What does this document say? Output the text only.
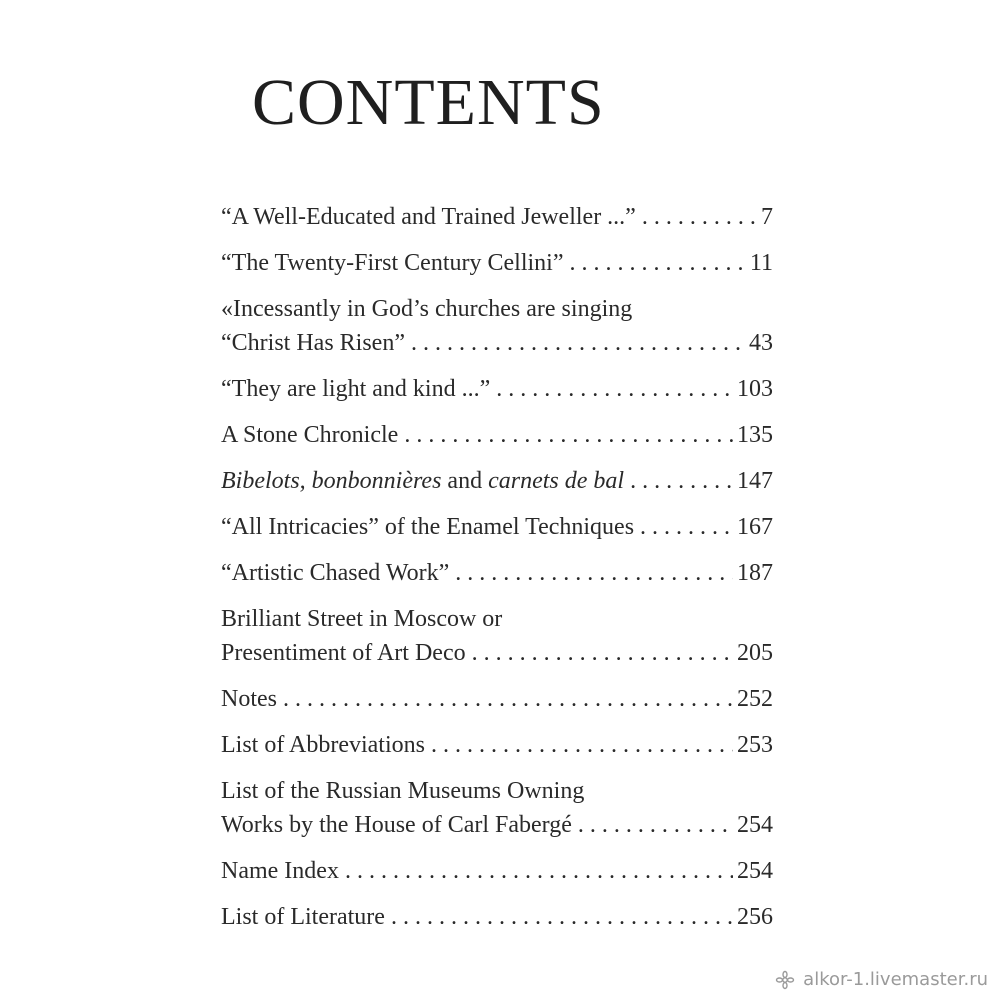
CONTENTS
“A Well-Educated and Trained Jeweller ...” . . .	7
“The Twenty-First Century Cellini” . . .	11
«Incessantly in God’s churches are singing
“Christ Has Risen” . . .	43
“They are light and kind ...” . . .	103
A Stone Chronicle . . .	135
Bibelots, bonbonnières and carnets de bal . . .	147
“All Intricacies” of the Enamel Techniques . . .	167
“Artistic Chased Work” . . .	187
Brilliant Street in Moscow or
Presentiment of Art Deco . . .	205
Notes . . .	252
List of Abbreviations . . .	253
List of the Russian Museums Owning
Works by the House of Carl Fabergé . . .	254
Name Index . . .	254
List of Literature . . .	256
alkor-1.livemaster.ru
